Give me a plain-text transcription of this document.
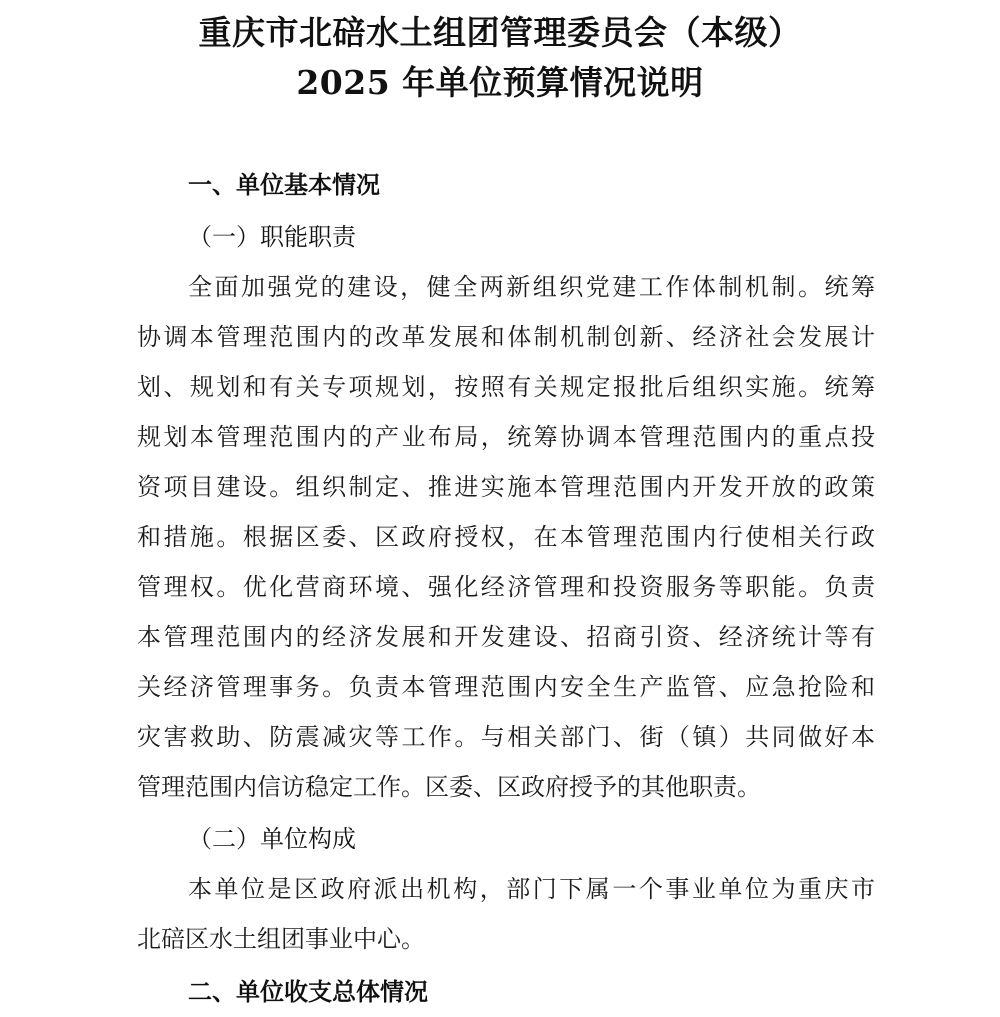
重庆市北碚水土组团管理委员会（本级）
2025 年单位预算情况说明
一、单位基本情况
（一）职能职责
全面加强党的建设，健全两新组织党建工作体制机制。统筹
协调本管理范围内的改革发展和体制机制创新、经济社会发展计
划、规划和有关专项规划，按照有关规定报批后组织实施。统筹
规划本管理范围内的产业布局，统筹协调本管理范围内的重点投
资项目建设。组织制定、推进实施本管理范围内开发开放的政策
和措施。根据区委、区政府授权，在本管理范围内行使相关行政
管理权。优化营商环境、强化经济管理和投资服务等职能。负责
本管理范围内的经济发展和开发建设、招商引资、经济统计等有
关经济管理事务。负责本管理范围内安全生产监管、应急抢险和
灾害救助、防震减灾等工作。与相关部门、街（镇）共同做好本
管理范围内信访稳定工作。区委、区政府授予的其他职责。
（二）单位构成
本单位是区政府派出机构，部门下属一个事业单位为重庆市
北碚区水土组团事业中心。
二、单位收支总体情况
